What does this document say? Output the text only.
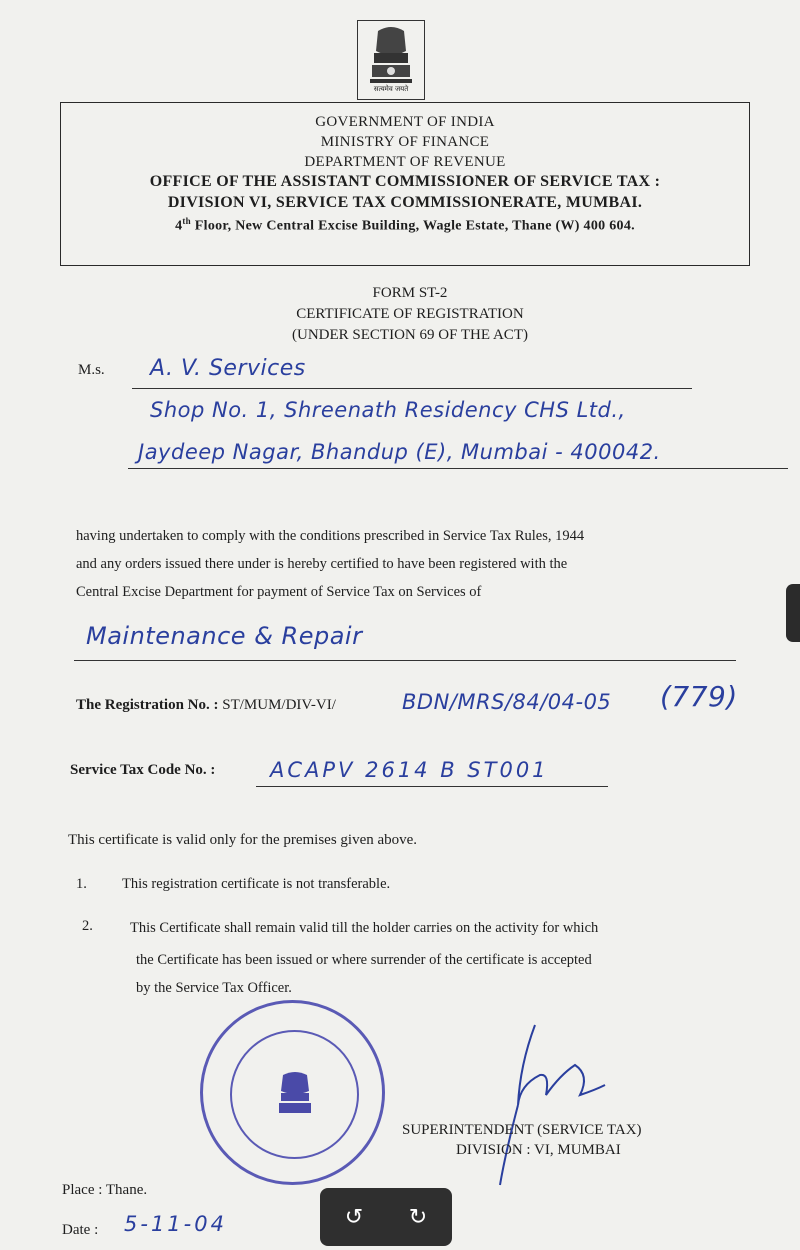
सत्यमेव जयते
GOVERNMENT OF INDIA
MINISTRY OF FINANCE
DEPARTMENT OF REVENUE
OFFICE OF THE ASSISTANT COMMISSIONER OF SERVICE TAX :
DIVISION VI, SERVICE TAX COMMISSIONERATE, MUMBAI.
4th Floor, New Central Excise Building, Wagle Estate, Thane (W) 400 604.
FORM ST-2
CERTIFICATE OF REGISTRATION
(UNDER SECTION 69 OF THE ACT)
M.s. A. V. Services
Shop No. 1, Shreenath Residency CHS Ltd.,
Jaydeep Nagar, Bhandup (E), Mumbai - 400042.
having undertaken to comply with the conditions prescribed in Service Tax Rules, 1944
and any orders issued there under is hereby certified to have been registered with the
Central Excise Department for payment of Service Tax on Services of
Maintenance & Repair
The Registration No. : ST/MUM/DIV-VI/	BDN/MRS/84/04-05 (779)
Service Tax Code No. :	ACAPV 2614 B ST001
This certificate is valid only for the premises given above.
1. This registration certificate is not transferable.
2.	This Certificate shall remain valid till the holder carries on the activity for which
the Certificate has been issued or where surrender of the certificate is accepted
by the Service Tax Officer.
SUPERINTENDENT (SERVICE TAX)
DIVISION : VI, MUMBAI
Place : Thane.
Date : 5-11-04	↺	↻
